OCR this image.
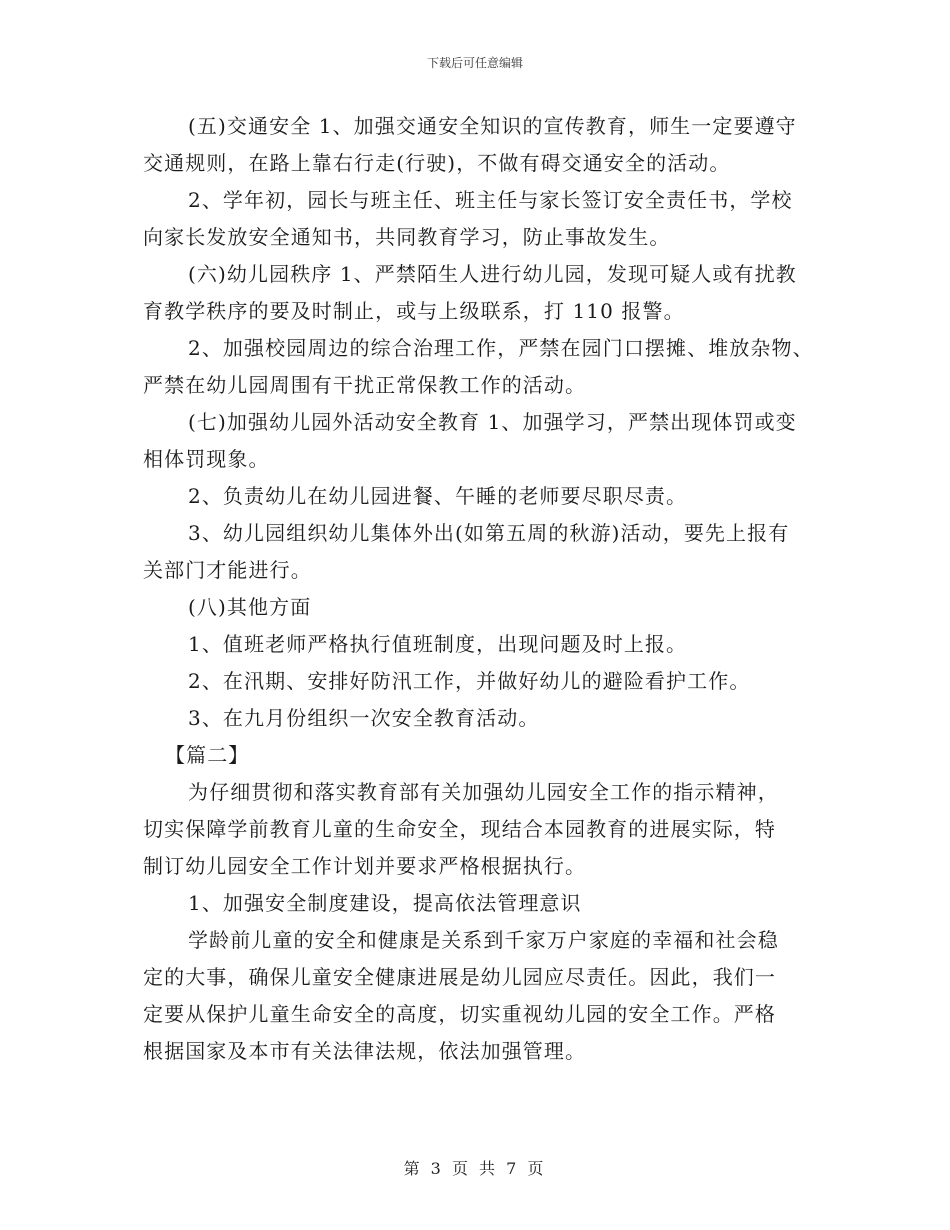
下载后可任意编辑

(五)交通安全 1、加强交通安全知识的宣传教育，师生一定要遵守

交通规则，在路上靠右行走(行驶)，不做有碍交通安全的活动。

2、学年初，园长与班主任、班主任与家长签订安全责任书，学校

向家长发放安全通知书，共同教育学习，防止事故发生。

(六)幼儿园秩序 1、严禁陌生人进行幼儿园，发现可疑人或有扰教

育教学秩序的要及时制止，或与上级联系，打 110 报警。

2、加强校园周边的综合治理工作，严禁在园门口摆摊、堆放杂物、

严禁在幼儿园周围有干扰正常保教工作的活动。

(七)加强幼儿园外活动安全教育 1、加强学习，严禁出现体罚或变

相体罚现象。

2、负责幼儿在幼儿园进餐、午睡的老师要尽职尽责。

3、幼儿园组织幼儿集体外出(如第五周的秋游)活动，要先上报有

关部门才能进行。

(八)其他方面

1、值班老师严格执行值班制度，出现问题及时上报。

2、在汛期、安排好防汛工作，并做好幼儿的避险看护工作。

3、在九月份组织一次安全教育活动。

【篇二】

为仔细贯彻和落实教育部有关加强幼儿园安全工作的指示精神，

切实保障学前教育儿童的生命安全，现结合本园教育的进展实际，特

制订幼儿园安全工作计划并要求严格根据执行。

1、加强安全制度建设，提高依法管理意识

学龄前儿童的安全和健康是关系到千家万户家庭的幸福和社会稳

定的大事，确保儿童安全健康进展是幼儿园应尽责任。因此，我们一

定要从保护儿童生命安全的高度，切实重视幼儿园的安全工作。严格

根据国家及本市有关法律法规，依法加强管理。

第 3 页 共 7 页
